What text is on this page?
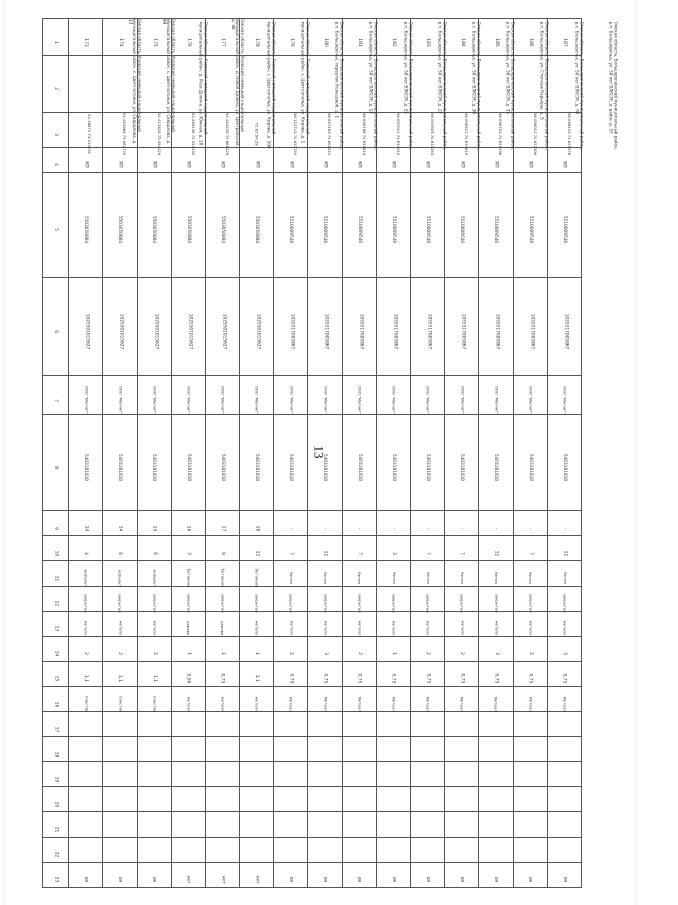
13
1	173	174	175	176	177	178	179	180	181	182	183	184	185	186	187
2	Омская область, Азовский немецкий национальный муниципальный район, с. Цветнополье, ул. Свердлова, д. 13	Омская область, Азовский немецкий национальный муниципальный район, с. Цветнополье, ул. Свердлова, д. 99	Омская область, Азовский немецкий национальный муниципальный район, д. Роза Долина, ул. Южная, д. 20	Омская область, Азовский немецкий национальный муниципальный район, д. Новая Долина, ул. Центральная, д. 48	Омская область, Азовский немецкий национальный муниципальный район, с. Цветнополье, ул. Кирова, д. 100	Омская область, Азовский немецкий национальный муниципальный район, с. Цветнополье, ул. Кирова, д. 1	Омская область, Большереченский муниципальный район, р.п. Большеречье, переулок Кольцевой, д. 1	Омская область, Большереченский муниципальный район, р.п. Большеречье, ул. 50 лет ВЛКСМ, д. 12	Омская область, Большереченский муниципальный район, р.п. Большеречье, ул. 50 лет ВЛКСМ, д. 15	Омская область, Большереченский муниципальный район, р.п. Большеречье, ул. 50 лет ВЛКСМ, д. 22	Омская область, Большереченский муниципальный район, р.п. Большеречье, ул. 50 лет ВЛКСМ, д. 30	Омская область, Большереченский муниципальный район, р.п. Большеречье, ул. 50 лет ВЛКСМ, д. 35	Омская область, Большереченский муниципальный район, р.п. Большеречье, ул. Степные Карьеры, д. 5	Омская область, Большереченский муниципальный район, р.п. Большеречье, ул. 50 лет ВЛКСМ, д. 70	Омская область, Большереченский муниципальный район, р.п. Большеречье, ул. 50 лет ВЛКСМ, д. район д. 57
3	54.16874 73.013232	54.491968 73.062733	54.412828 73.094429	54.260436 72.593432	54.484228 72.866229	72.82 54.29	56.122743 74.622740	56.097163 74.609224	56.096198 74.633619	56.097014 74.634010	56.097605 74.633263	56.096511 74.633615	56.096703 74.629496	56.099012 74.622306	56.098419 74.625578
4	КП	КП	КП	КП	КП	КП	КП	КП	КП	КП	КП	КП	КП	КП	КП
5	5503050884	5503050884	5503050884	5503050884	5503050884	5503050884	5510009540	5510009540	5510009540	5510009540	5510009540	5510009540	5510009540	5510009540	5510009540
6	1025501015627	1025501015627	1025501015627	1025501015627	1025501015627	1025501015627	1055517005867	1055517005867	1055517005867	1055517005867	1055517005867	1055517005867	1055517005867	1055517005867	1055517005867
7	ООО "Магнит"	ООО "Магнит"	ООО "Магнит"	ООО "Магнит"	ООО "Магнит"	ООО "Магнит"	ООО "Магнит"	ООО "Магнит"	ООО "Магнит"	ООО "Магнит"	ООО "Магнит"	ООО "Магнит"	ООО "Магнит"	ООО "Магнит"	ООО "Магнит"
8	5403181810	5403181810	5403181810	5403181810	5403181810	5403181810	5403181810	5403181810	5403181810	5403181810	5403181810	5403181810	5403181810	5403181810	5403181810
9	14	14	15	16	17	16	-	-	-	-	-	-	-	-	-
10	4	6	6	3	9	12	7	11	7	3	7	7	11	7	11
11	асфальт	асфальт	асфальт	бетонное	бетонное	бетонное	бетон	бетон	бетон	бетон	бетон	бетон	бетон	бетон	бетон
12	закрытая	закрытая	закрытая	закрытая	закрытая	закрытая	закрытая	закрытая	закрытая	закрытая	закрытая	закрытая	закрытая	закрытая	закрытая
13	металл	металл	металл	дерево	дерево	металл	металл	металл	металл	металл	металл	металл	металл	металл	металл
14	2	2	2	1	1	1	2	3	2	1	2	2	3	2	3
15	1,1	1,1	1,1	0,66	0,75	1,1	0,75	0,75	0,75	0,75	0,75	0,75	0,75	0,75	0,75
16	пластик	пластик	пластик	металл	металл	металл	Металл	Металл	Металл	Металл	Металл	Металл	Металл	Металл	Металл
17															
18															
19															
20															
21															
22															
23	да	да	да	нет	нет	нет	да	да	да	да	да	да	да	да	да
